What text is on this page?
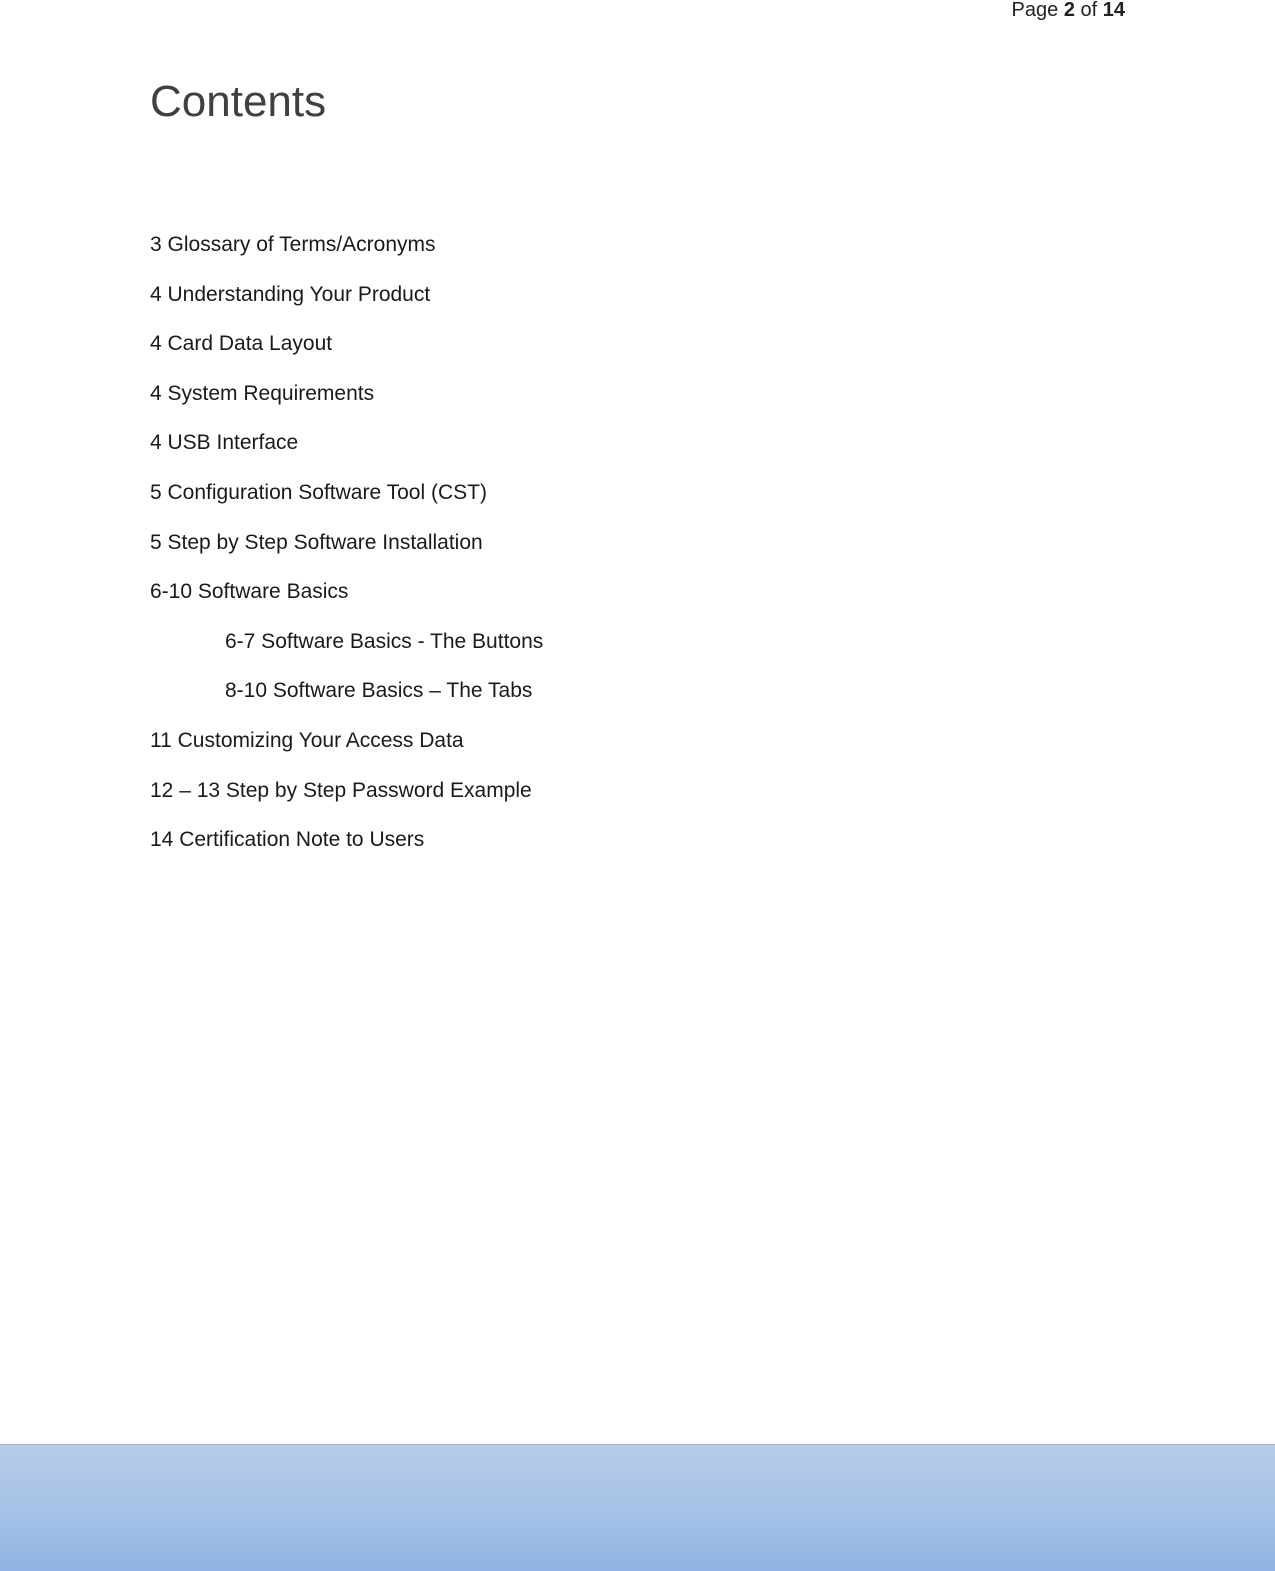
Page 2 of 14
Contents
3 Glossary of Terms/Acronyms
4 Understanding Your Product
4 Card Data Layout
4 System Requirements
4 USB Interface
5 Configuration Software Tool (CST)
5 Step by Step Software Installation
6-10 Software Basics
6-7 Software Basics - The Buttons
8-10 Software Basics – The Tabs
11 Customizing Your Access Data
12 – 13 Step by Step Password Example
14 Certification Note to Users
